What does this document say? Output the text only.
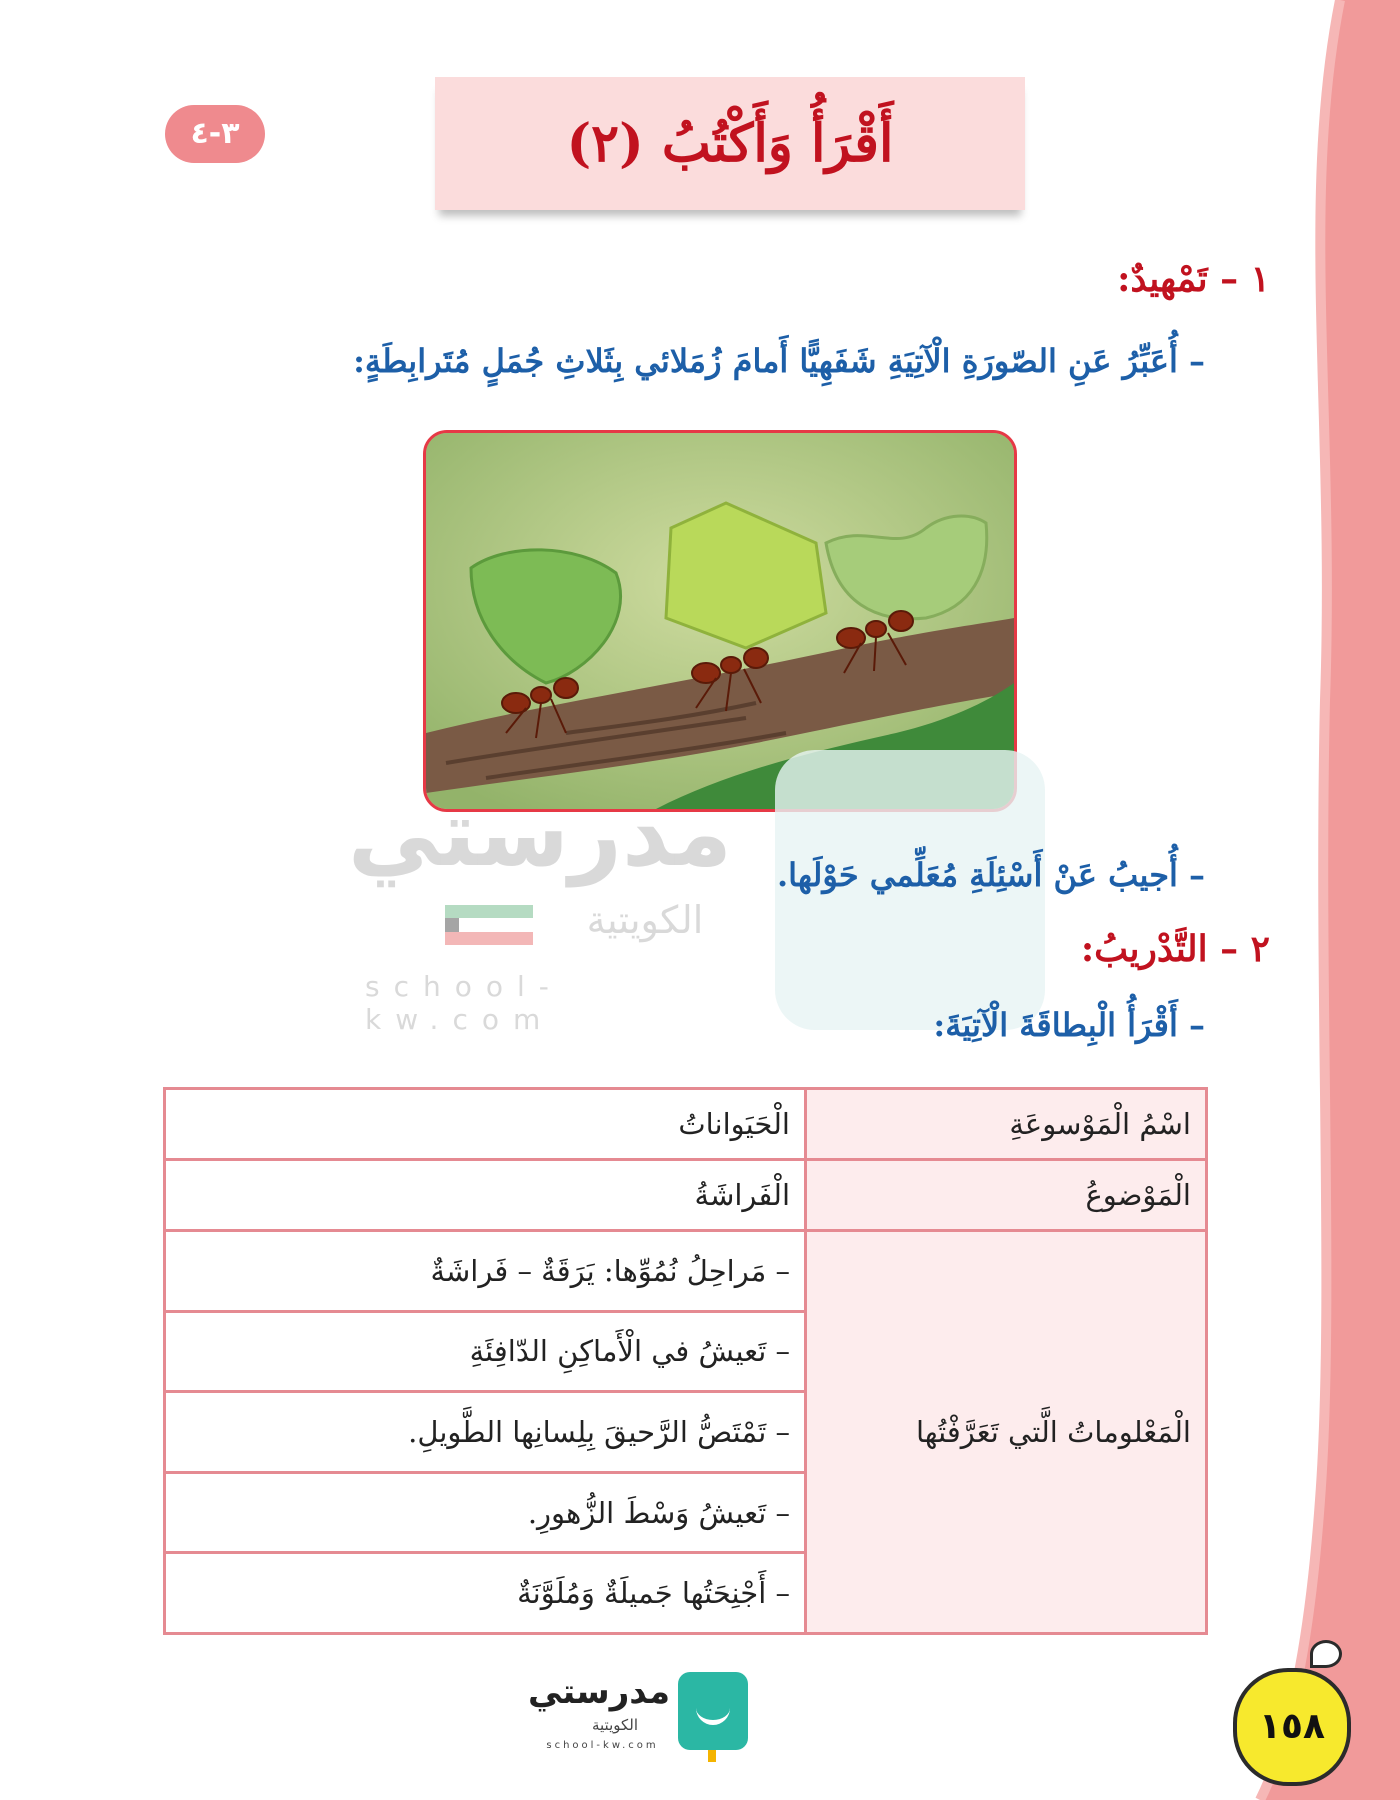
٣-٤	أَقْرَأُ وَأَكْتُبُ (٢)
١ – تَمْهيدٌ:
– أُعَبِّرُ عَنِ الصّورَةِ الْآتِيَةِ شَفَهِيًّا أَمامَ زُمَلائي بِثَلاثِ جُمَلٍ مُتَرابِطَةٍ:
مدرستي
الكويتية
school-kw.com
– أُجيبُ عَنْ أَسْئِلَةِ مُعَلِّمي حَوْلَها.
٢ – التَّدْريبُ:
– أَقْرَأُ الْبِطاقَةَ الْآتِيَةَ:
اسْمُ الْمَوْسوعَةِ	الْحَيَواناتُ
الْمَوْضوعُ	الْفَراشَةُ
الْمَعْلوماتُ الَّتي تَعَرَّفْتُها	– مَراحِلُ نُمُوِّها: يَرَقَةٌ – فَراشَةٌ
	– تَعيشُ في الْأَماكِنِ الدّافِئَةِ
	– تَمْتَصُّ الرَّحيقَ بِلِسانِها الطَّويلِ.
	– تَعيشُ وَسْطَ الزُّهورِ.
	– أَجْنِحَتُها جَميلَةٌ وَمُلَوَّنَةٌ
مدرستي
الكويتية
school-kw.com	١٥٨
